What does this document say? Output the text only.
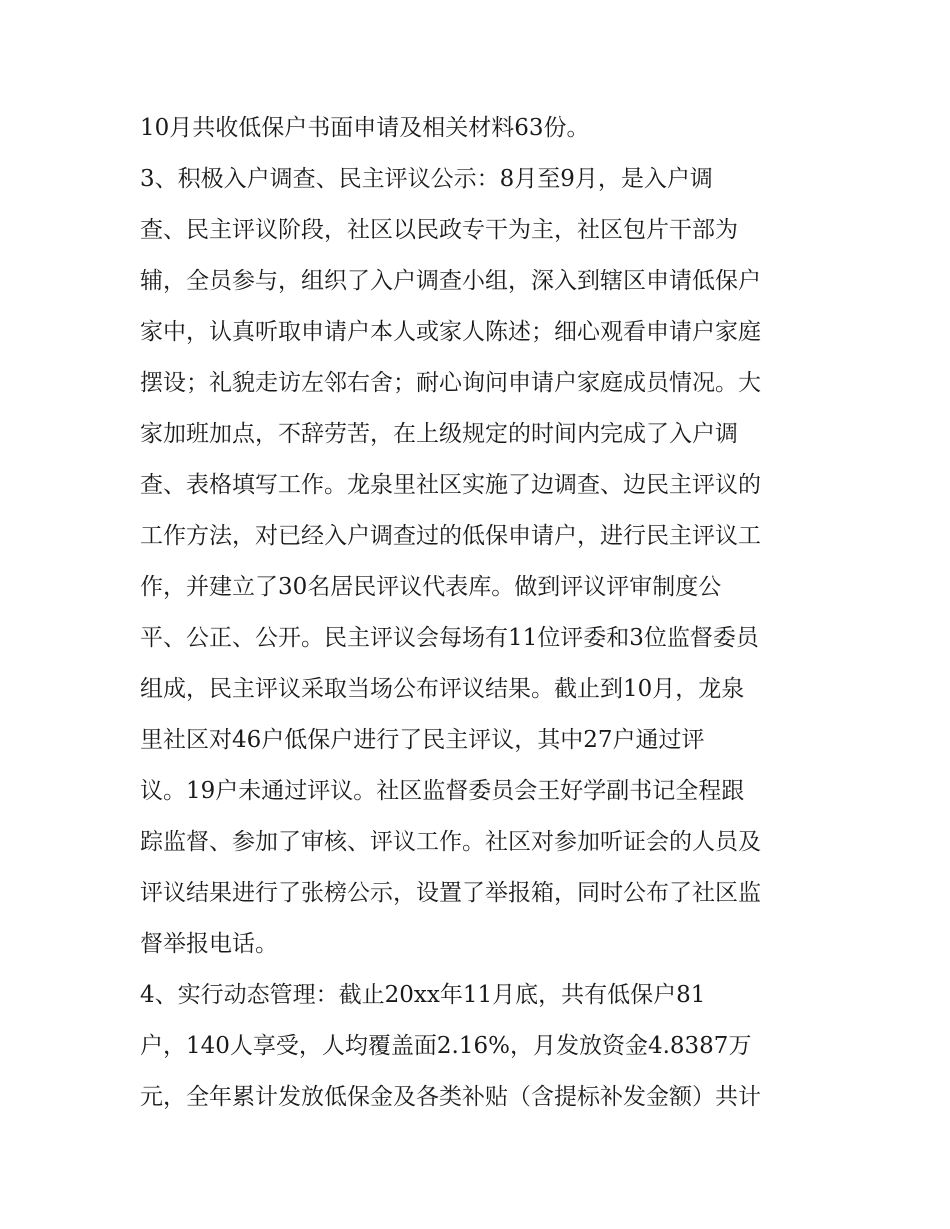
10月共收低保户书面申请及相关材料63份。

3、积极入户调查、民主评议公示：8月至9月，是入户调

查、民主评议阶段，社区以民政专干为主，社区包片干部为

辅，全员参与，组织了入户调查小组，深入到辖区申请低保户

家中，认真听取申请户本人或家人陈述；细心观看申请户家庭

摆设；礼貌走访左邻右舍；耐心询问申请户家庭成员情况。大

家加班加点，不辞劳苦，在上级规定的时间内完成了入户调

查、表格填写工作。龙泉里社区实施了边调查、边民主评议的

工作方法，对已经入户调查过的低保申请户，进行民主评议工

作，并建立了30名居民评议代表库。做到评议评审制度公

平、公正、公开。民主评议会每场有11位评委和3位监督委员

组成，民主评议采取当场公布评议结果。截止到10月，龙泉

里社区对46户低保户进行了民主评议，其中27户通过评

议。19户未通过评议。社区监督委员会王好学副书记全程跟

踪监督、参加了审核、评议工作。社区对参加听证会的人员及

评议结果进行了张榜公示，设置了举报箱，同时公布了社区监

督举报电话。

4、实行动态管理：截止20xx年11月底，共有低保户81

户，140人享受，人均覆盖面2.16%，月发放资金4.8387万

元，全年累计发放低保金及各类补贴（含提标补发金额）共计
